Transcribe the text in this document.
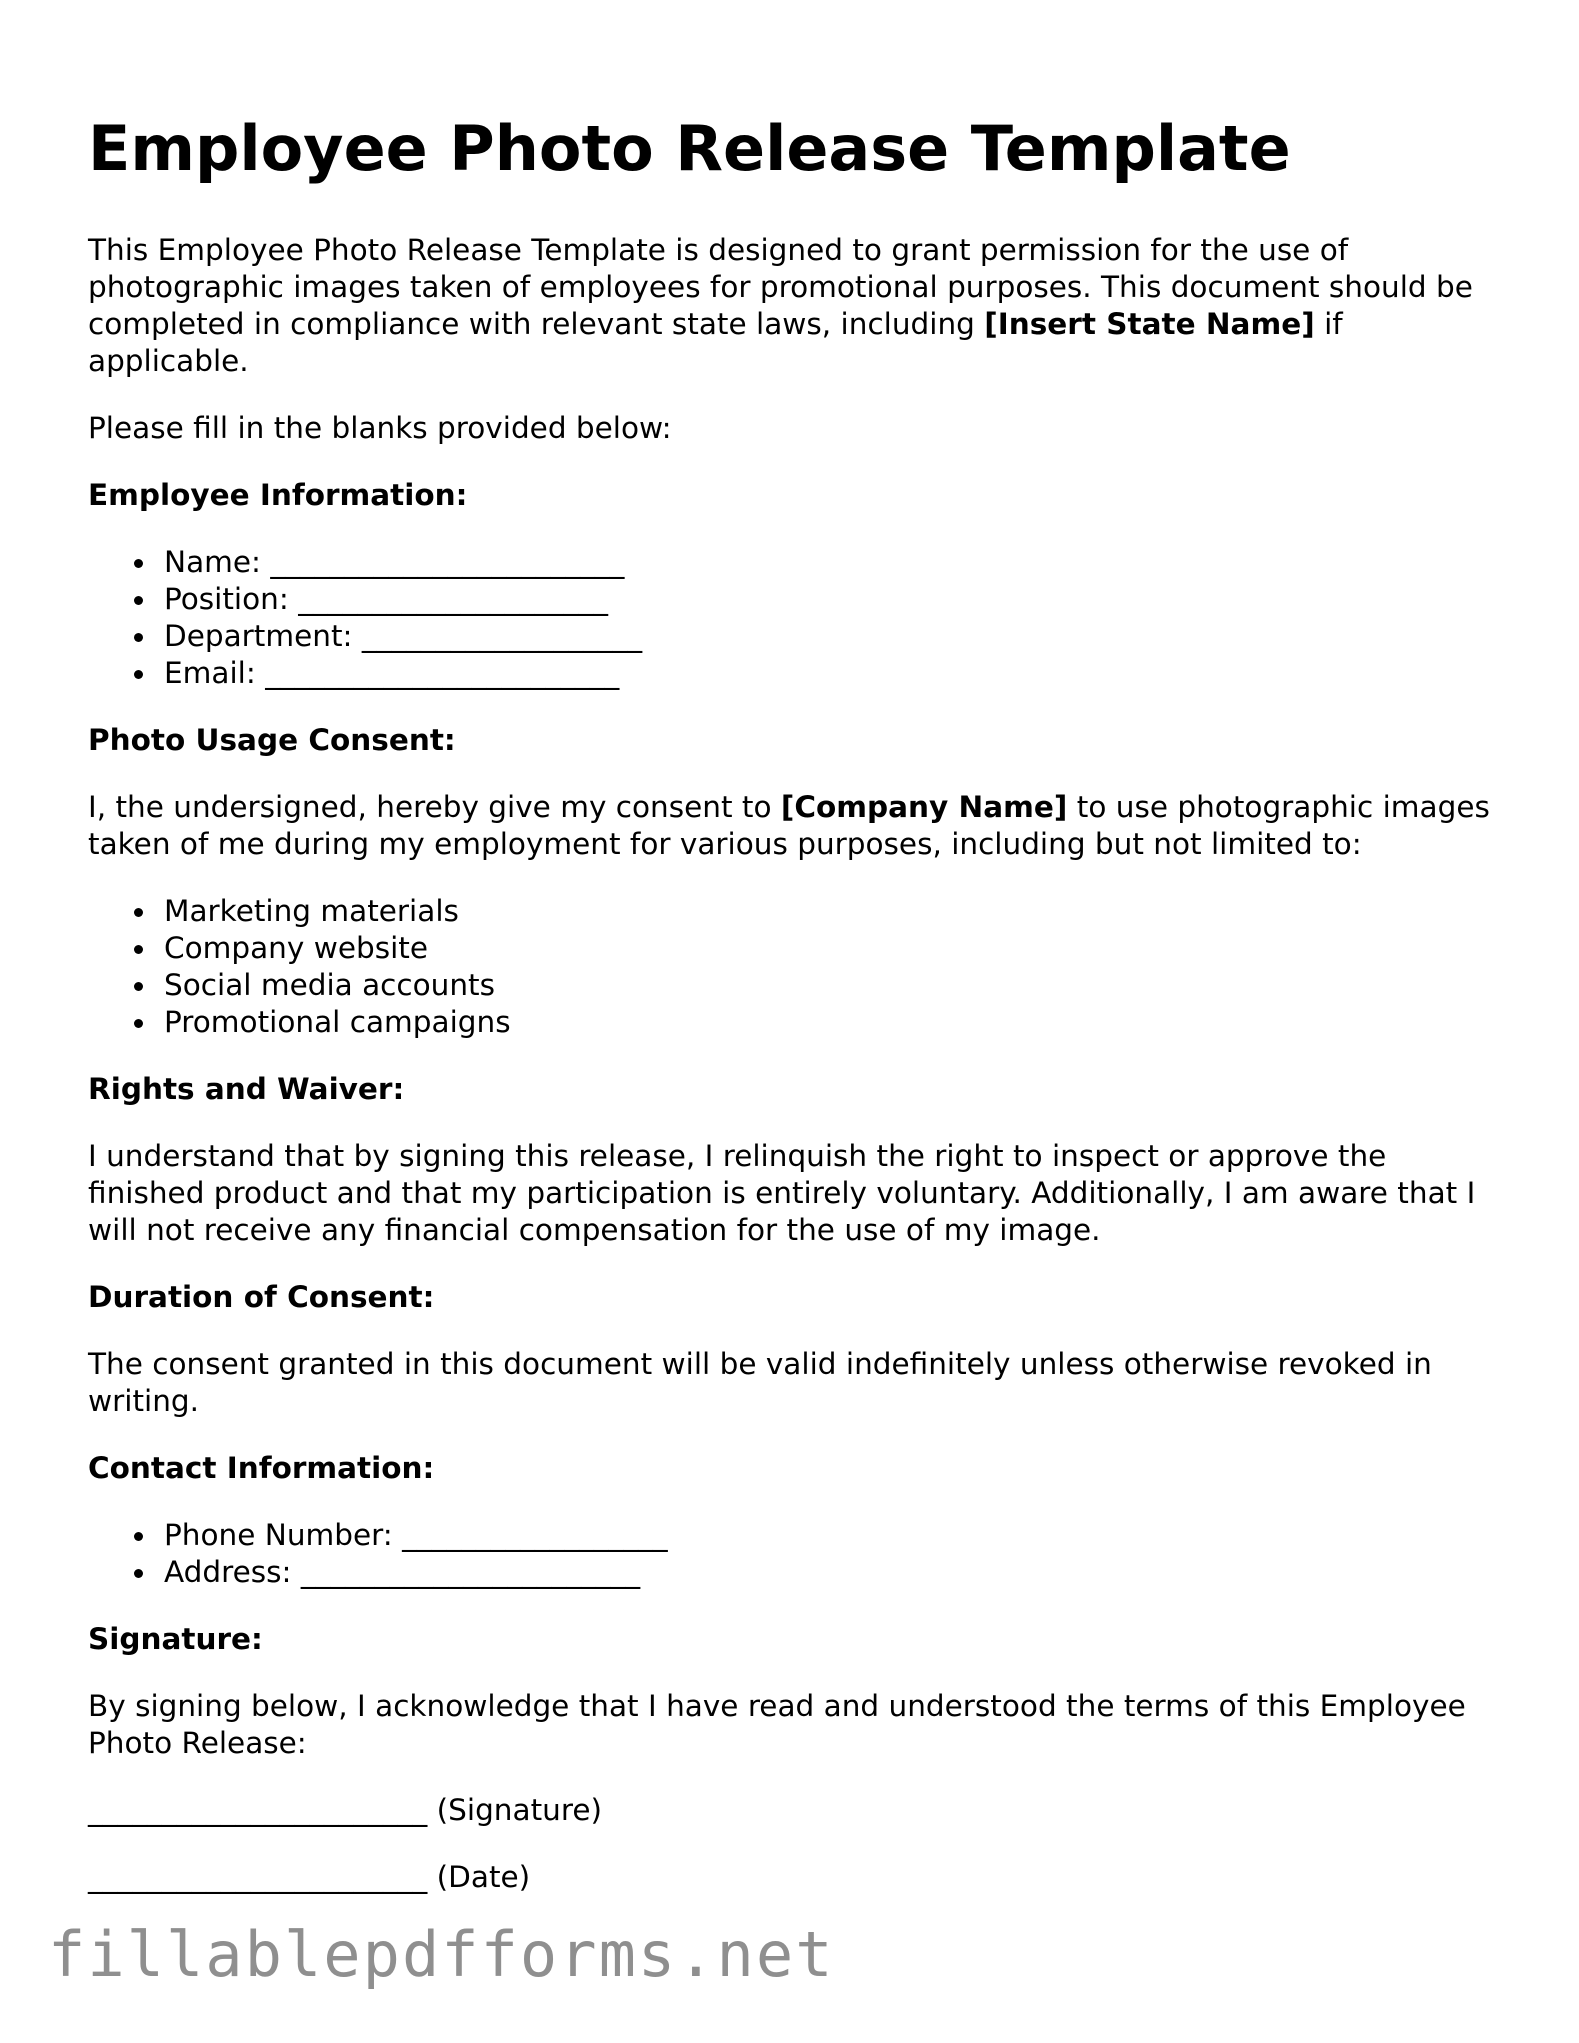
Employee Photo Release Template

This Employee Photo Release Template is designed to grant permission for the use of photographic images taken of employees for promotional purposes. This document should be completed in compliance with relevant state laws, including [Insert State Name] if applicable.

Please fill in the blanks provided below:

Employee Information:
Name: ________________________
Position: _____________________
Department: ___________________
Email: ________________________
Photo Usage Consent:

I, the undersigned, hereby give my consent to [Company Name] to use photographic images taken of me during my employment for various purposes, including but not limited to:

Marketing materials
Company website
Social media accounts
Promotional campaigns
Rights and Waiver:

I understand that by signing this release, I relinquish the right to inspect or approve the finished product and that my participation is entirely voluntary. Additionally, I am aware that I will not receive any financial compensation for the use of my image.

Duration of Consent:

The consent granted in this document will be valid indefinitely unless otherwise revoked in writing.

Contact Information:
Phone Number: __________________
Address: _______________________
Signature:

By signing below, I acknowledge that I have read and understood the terms of this Employee Photo Release:

_______________________ (Signature)

_______________________ (Date)

fillablepdfforms.net
